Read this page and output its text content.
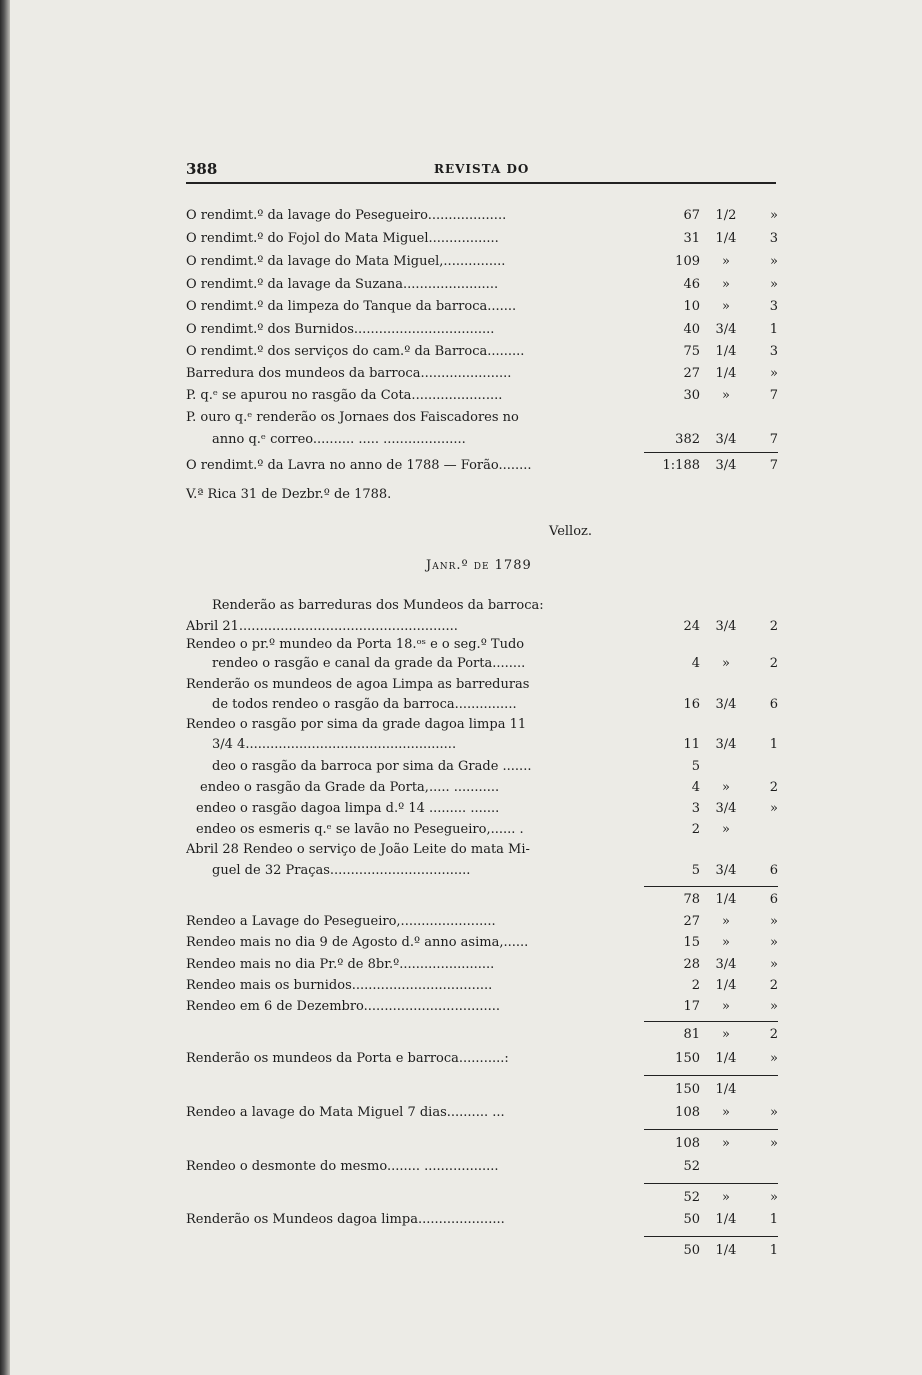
388	REVISTA DO
O rendimt.º da lavage do Pesegueiro...................	67	1/2	»
O rendimt.º do Fojol do Mata Miguel.................	31	1/4	3
O rendimt.º da lavage do Mata Miguel,...............	109	»	»
O rendimt.º da lavage da Suzana.......................	46	»	»
O rendimt.º da limpeza do Tanque da barroca.......	10	»	3
O rendimt.º dos Burnidos..................................	40	3/4	1
O rendimt.º dos serviços do cam.º da Barroca.........	75	1/4	3
Barredura dos mundeos da barroca......................	27	1/4	»
P. q.ᵉ se apurou no rasgão da Cota......................	30	»	7
P. ouro q.ᵉ renderão os Jornaes dos Faiscadores no
anno q.ᵉ correo.......... ..... ....................	382	3/4	7
O rendimt.º da Lavra no anno de 1788 — Forão........	1:188	3/4	7
V.ª Rica 31 de Dezbr.º de 1788.
Velloz.
Janr.º de 1789
Renderão as barreduras dos Mundeos da barroca:
Abril 21.....................................................	24	3/4	2
Rendeo o pr.º mundeo da Porta 18.ᵒˢ e o seg.º Tudo
rendeo o rasgão e canal da grade da Porta........	4	»	2
Renderão os mundeos de agoa Limpa as barreduras
de todos rendeo o rasgão da barroca...............	16	3/4	6
Rendeo o rasgão por sima da grade dagoa limpa 11
3/4 4...................................................	11	3/4	1
deo o rasgão da barroca por sima da Grade .......	5
endeo o rasgão da Grade da Porta,..... ...........	4	»	2
endeo o rasgão dagoa limpa d.º 14 ......... .......	3	3/4	»
endeo os esmeris q.ᵉ se lavão no Pesegueiro,...... .	2	»
Abril 28 Rendeo o serviço de João Leite do mata Mi-
guel de 32 Praças..................................	5	3/4	6
78	1/4	6
Rendeo a Lavage do Pesegueiro,.......................	27	»	»
Rendeo mais no dia 9 de Agosto d.º anno asima,......	15	»	»
Rendeo mais no dia Pr.º de 8br.º.......................	28	3/4	»
Rendeo mais os burnidos..................................	2	1/4	2
Rendeo em 6 de Dezembro.................................	17	»	»
81	»	2
Renderão os mundeos da Porta e barroca...........:	150	1/4	»
150	1/4
Rendeo a lavage do Mata Miguel 7 dias.......... ...	108	»	»
108	»	»
Rendeo o desmonte do mesmo........ ..................	52
52	»	»
Renderão os Mundeos dagoa limpa.....................	50	1/4	1
50	1/4	1
